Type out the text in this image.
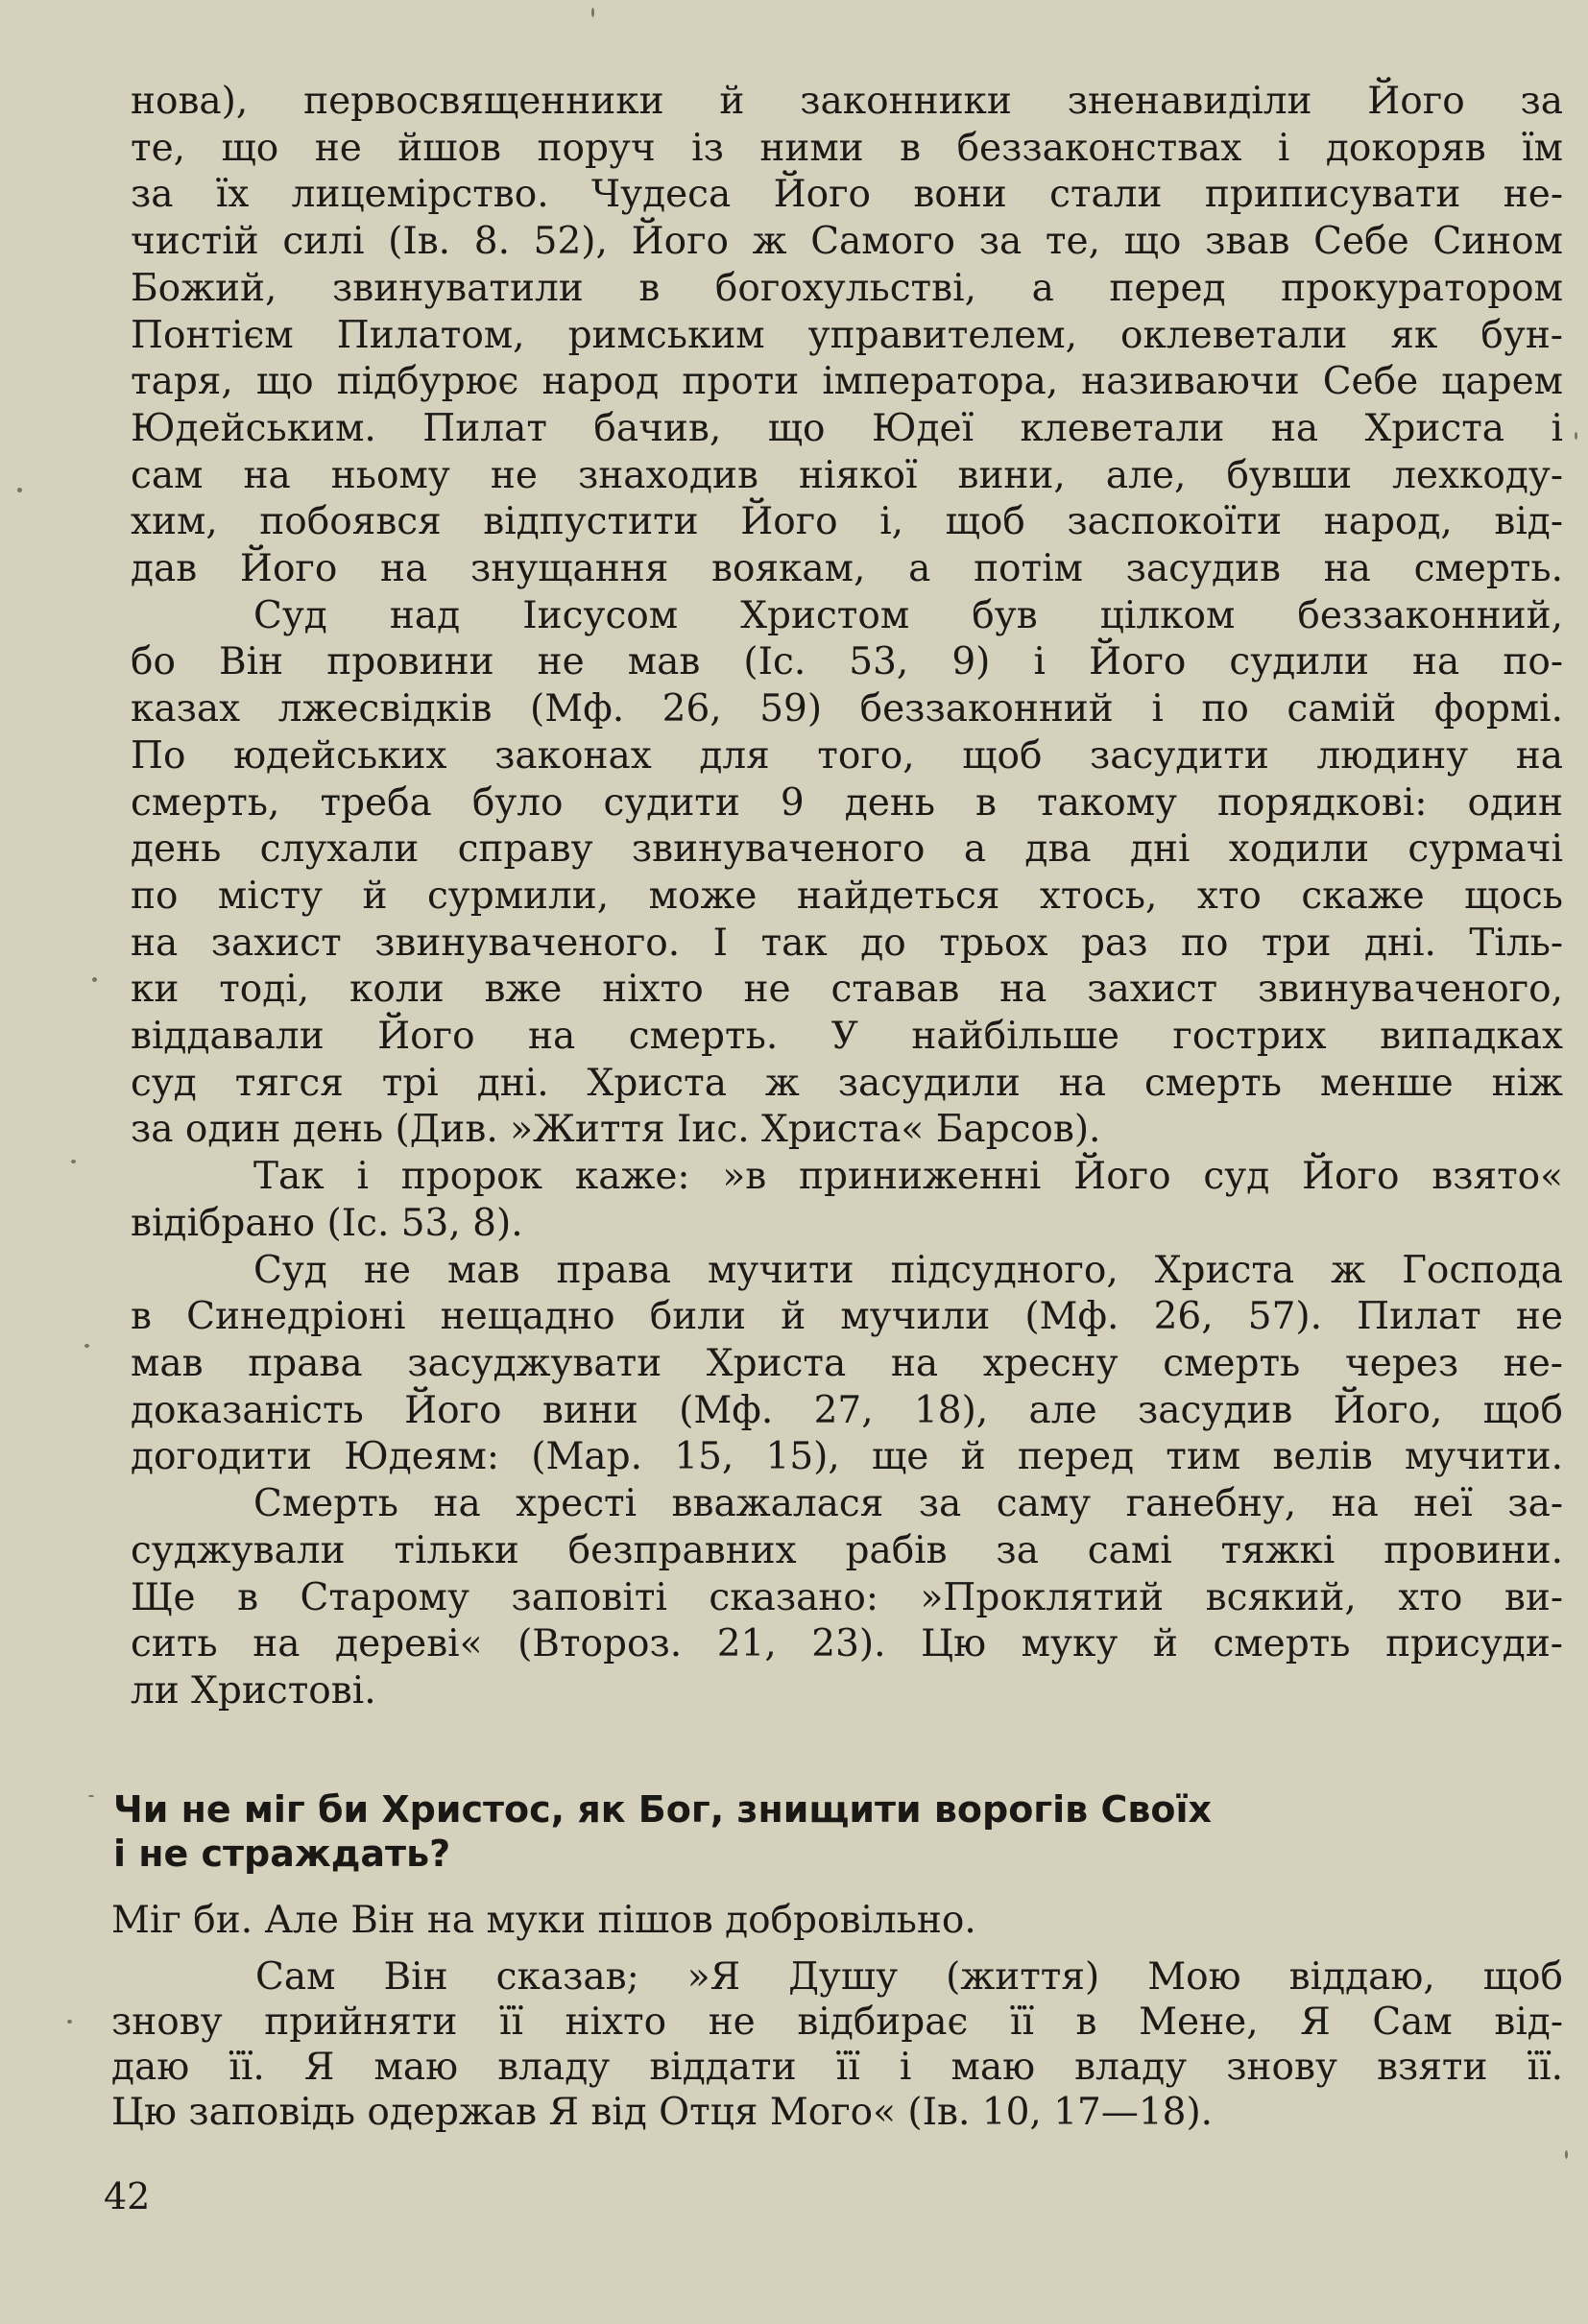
нова), первосвященники й законники зненавиділи Його за
те, що не йшов поруч із ними в беззаконствах і докоряв їм
за їх лицемірство. Чудеса Його вони стали приписувати не-
чистій силі (Ів. 8. 52), Його ж Самого за те, що звав Себе Сином
Божий, звинуватили в богохульстві, а перед прокуратором
Понтієм Пилатом, римським управителем, оклеветали як бун-
таря, що підбурює народ проти імператора, називаючи Себе царем
Юдейським. Пилат бачив, що Юдеї клеветали на Христа і
сам на ньому не знаходив ніякої вини, але, бувши лехкоду-
хим, побоявся відпустити Його і, щоб заспокоїти народ, від-
дав Його на знущання воякам, а потім засудив на смерть.
Суд над Іисусом Христом був цілком беззаконний,
бо Він провини не мав (Іс. 53, 9) і Його судили на по-
казах лжесвідків (Мф. 26, 59) беззаконний і по самій формі.
По юдейських законах для того, щоб засудити людину на
смерть, треба було судити 9 день в такому порядкові: один
день слухали справу звинуваченого а два дні ходили сурмачі
по місту й сурмили, може найдеться хтось, хто скаже щось
на захист звинуваченого. І так до трьох раз по три дні. Тіль-
ки тоді, коли вже ніхто не ставав на захист звинуваченого,
віддавали Його на смерть. У найбільше гострих випадках
суд тягся трі дні. Христа ж засудили на смерть менше ніж
за один день (Див. »Життя Іис. Христа« Барсов).
Так і пророк каже: »в приниженні Його суд Його взято«
відібрано (Іс. 53, 8).
Суд не мав права мучити підсудного, Христа ж Господа
в Синедріоні нещадно били й мучили (Мф. 26, 57). Пилат не
мав права засуджувати Христа на хресну смерть через не-
доказаність Його вини (Мф. 27, 18), але засудив Його, щоб
догодити Юдеям: (Мар. 15, 15), ще й перед тим велів мучити.
Смерть на хресті вважалася за саму ганебну, на неї за-
суджували тільки безправних рабів за самі тяжкі провини.
Ще в Старому заповіті сказано: »Проклятий всякий, хто ви-
сить на дереві« (Второз. 21, 23). Цю муку й смерть присуди-
ли Христові.
Чи не міг би Христос, як Бог, знищити ворогів Своїх
і не страждать?
Міг би. Але Він на муки пішов добровільно.
Сам Він сказав; »Я Душу (життя) Мою віддаю, щоб
знову прийняти її ніхто не відбирає її в Мене, Я Сам від-
даю її. Я маю владу віддати її і маю владу знову взяти її.
Цю заповідь одержав Я від Отця Мого« (Ів. 10, 17—18).
42
